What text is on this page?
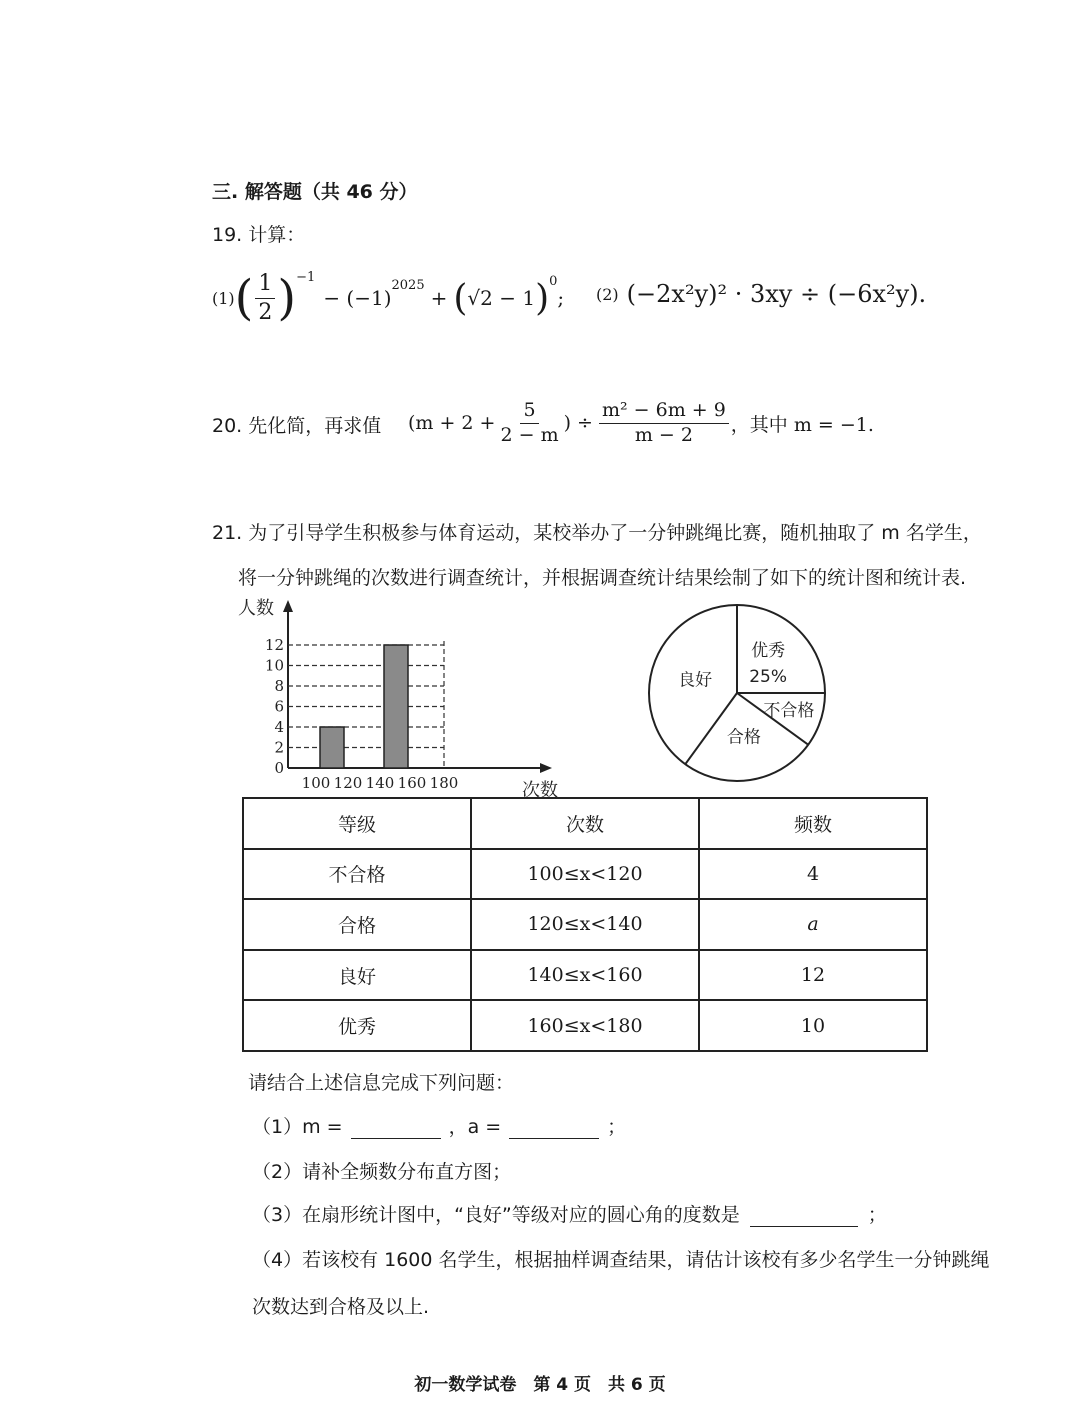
三. 解答题（共 46 分）
19. 计算：
(1) ( $\frac{1}{2} )^{-1}$
− (−1)
$^{2025}$
+ ( √2 − 1 )$^0$
; (2) (−2x²y)² · 3xy ÷ (−6x²y).
20. 先化简，再求值 ($m + 2 + \frac{5}{2 - m}$ ) ÷ $\frac{\text{m² − 6m + 9}}{m - 2}$ ，其中 m = −1.
21. 为了引导学生积极参与体育运动，某校举办了一分钟跳绳比赛，随机抽取了 m 名学生，
将一分钟跳绳的次数进行调查统计，并根据调查统计结果绘制了如下的统计图和统计表.
0
2
4
6
8
10
12
100 120 140 160 180
人数
次数
优秀
25%
不合格
合格
良好
等级	次数	频数
不合格	100≤x<120	4
合格	120≤x<140	a
良好	140≤x<160	12
优秀	160≤x<180	10
请结合上述信息完成下列问题：
（1）m =	，a =	；
（2）请补全频数分布直方图；
（3）在扇形统计图中，“良好”等级对应的圆心角的度数是	；
（4）若该校有 1600 名学生，根据抽样调查结果，请估计该校有多少名学生一分钟跳绳
次数达到合格及以上.
初一数学试卷　第 4 页　共 6 页
